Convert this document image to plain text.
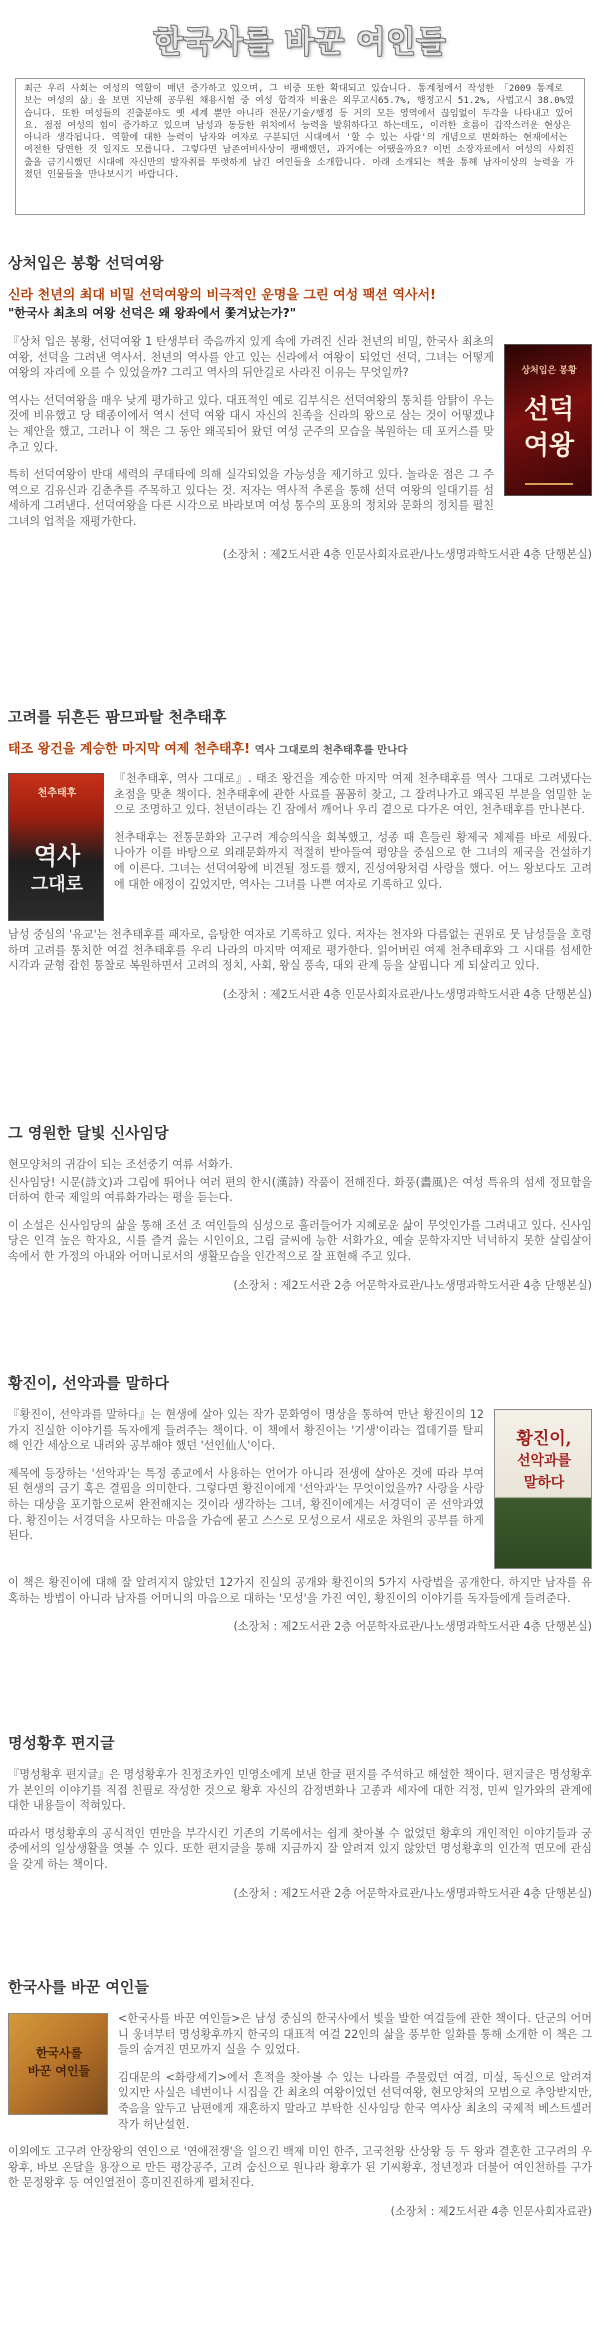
한국사를 바꾼 여인들
최근 우리 사회는 여성의 역할이 매년 증가하고 있으며, 그 비중 또한 확대되고 있습니다. 통계청에서 작성한 「2009 통계로 보는 여성의 삶」을 보면 지난해 공무원 채용시험 중 여성 합격자 비율은 외무고시65.7%, 행정고시 51.2%, 사법고시 38.0%였습니다. 또한 여성들의 진출분야도 옛 세계 뿐만 아니라 전문/기술/행정 등 거의 모든 영역에서 끊임없이 두각을 나타내고 있어요. 점점 여성의 힘이 증가하고 있으며 남성과 동등한 위치에서 능력을 발휘하다고 하는데도, 이러한 흐름이 갑작스러운 현상은 아니라 생각됩니다. 역할에 대한 능력이 남자와 여자로 구분되던 시대에서 '할 수 있는 사람'의 개념으로 변화하는 현재에서는 여전한 당연한 것 일지도 모릅니다. 그렇다면 남존여비사상이 팽배했던, 과거에는 어땠을까요? 이번 소장자료에서 여성의 사회진출을 금기시했던 시대에 자신만의 발자취를 뚜렷하게 남긴 여인들을 소개합니다. 아래 소개되는 책을 통해 남자이상의 능력을 가졌던 인물들을 만나보시기 바랍니다.
상처입은 봉황 선덕여왕
신라 천년의 최대 비밀 선덕여왕의 비극적인 운명을 그린 여성 팩션 역사서!
"한국사 최초의 여왕 선덕은 왜 왕좌에서 쫓겨났는가?"
상처입은 봉황
선덕
여왕

『상처 입은 봉황, 선덕여왕 1 탄생부터 죽음까지 있게 속에 가려진 신라 천년의 비밀, 한국사 최초의 여왕, 선덕을 그려낸 역사서. 천년의 역사를 안고 있는 신라에서 여왕이 되었던 선덕, 그녀는 어떻게 여왕의 자리에 오를 수 있었을까? 그리고 역사의 뒤안길로 사라진 이유는 무엇일까?

역사는 선덕여왕을 매우 낮게 평가하고 있다. 대표적인 예로 김부식은 선덕여왕의 통치를 암탉이 우는 것에 비유했고 당 태종이에서 역시 선덕 여왕 대시 자신의 친족을 신라의 왕으로 삼는 것이 어떻겠냐는 제안을 했고, 그러나 이 책은 그 동안 왜곡되어 왔던 여성 군주의 모습을 복원하는 데 포커스를 맞추고 있다.

특히 선덕여왕이 반대 세력의 쿠데타에 의해 실각되었을 가능성을 제기하고 있다. 놀라운 점은 그 주역으로 김유신과 김춘추를 주목하고 있다는 것. 저자는 역사적 추론을 통해 선덕 여왕의 일대기를 섬세하게 그려낸다. 선덕여왕을 다른 시각으로 바라보며 여성 통수의 포용의 정치와 문화의 정치를 펼친 그녀의 업적을 재평가한다.

(소장처 : 제2도서관 4층 인문사회자료관/나노생명과학도서관 4층 단행본실)
고려를 뒤흔든 팜므파탈 천추태후
태조 왕건을 계승한 마지막 여제 천추태후! 역사 그대로의 천추태후를 만나다
천추태후
역사
그대로

『천추태후, 역사 그대로』. 태조 왕건을 계승한 마지막 여제 천추태후를 역사 그대로 그려냈다는 초점을 맞춘 책이다. 천추태후에 관한 사료를 꼼꼼히 찾고, 그 잘려나가고 왜곡된 부분을 엄밀한 눈으로 조명하고 있다. 천년이라는 긴 잠에서 깨어나 우리 곁으로 다가온 여인, 천추태후를 만나본다.

천추태후는 전통문화와 고구려 계승의식을 회복했고, 성종 때 흔들린 황제국 체제를 바로 세웠다. 나아가 이를 바탕으로 외래문화까지 적절히 받아들여 평양을 중심으로 한 그녀의 제국을 건설하기에 이른다. 그녀는 선덕여왕에 비견될 정도를 했지, 진성여왕처럼 사랑을 했다. 어느 왕보다도 고려에 대한 애정이 깊었지만, 역사는 그녀를 나쁜 여자로 기록하고 있다.

남성 중심의 '유교'는 천추태후를 패자로, 음탕한 여자로 기록하고 있다. 저자는 천자와 다름없는 권위로 뭇 남성들을 호령하며 고려를 통치한 여걸 천추태후를 우리 나라의 마지막 여제로 평가한다. 읽어버린 여제 천추태후와 그 시대를 섬세한 시각과 균형 잡힌 통찰로 복원하면서 고려의 정치, 사회, 왕실 풍속, 대외 관계 등을 살핍니다 게 되살리고 있다.

(소장처 : 제2도서관 4층 인문사회자료관/나노생명과학도서관 4층 단행본실)
그 영원한 달빛 신사임당

현모양처의 귀감이 되는 조선중기 여류 서화가.

신사임당! 시문(詩文)과 그림에 뛰어나 여러 편의 한시(漢詩) 작품이 전해진다. 화풍(畵風)은 여성 특유의 섬세 정묘함을 더하여 한국 제일의 여류화가라는 평을 듣는다.

이 소설은 신사임당의 삶을 통해 조선 조 여인들의 심성으로 흘러들어가 지혜로운 삶이 무엇인가를 그려내고 있다. 신사임당은 인격 높은 학자요, 시를 즐겨 읊는 시인이요, 그림 글씨에 능한 서화가요, 예술 문학자지만 넉넉하지 못한 살림살이 속에서 한 가정의 아내와 어머니로서의 생활모습을 인간적으로 잘 표현해 주고 있다.

(소장처 : 제2도서관 2층 어문학자료관/나노생명과학도서관 4층 단행본실)
황진이, 선악과를 말하다
황진이,
선악과를
말하다

『황진이, 선악과를 말하다』는 현생에 살아 있는 작가 문화영이 명상을 통하여 만난 황진이의 12가지 진실한 이야기를 독자에게 들려주는 책이다. 이 책에서 황진이는 '기생'이라는 껍데기를 탈피해 인간 세상으로 내려와 공부해야 했던 '선인仙人'이다.

제목에 등장하는 '선악과'는 특정 종교에서 사용하는 언어가 아니라 전생에 살아온 것에 따라 부여된 현생의 금기 혹은 결핍을 의미한다. 그렇다면 황진이에게 '선악과'는 무엇이었을까? 사랑을 사랑하는 대상을 포기함으로써 완전해지는 것이라 생각하는 그녀, 황진이에게는 서경덕이 곧 선악과였다. 황진이는 서경덕을 사모하는 마음을 가슴에 묻고 스스로 모성으로서 새로운 차원의 공부를 하게 된다.

이 책은 황진이에 대해 잘 알려지지 않았던 12가지 진실의 공개와 황진이의 5가지 사랑법을 공개한다. 하지만 남자를 유혹하는 방법이 아니라 남자를 어머니의 마음으로 대하는 '모성'을 가진 여인, 황진이의 이야기를 독자들에게 들려준다.

(소장처 : 제2도서관 2층 어문학자료관/나노생명과학도서관 4층 단행본실)
명성황후 편지글

『명성황후 편지글』은 명성황후가 친정조카인 민영소에게 보낸 한글 편지를 주석하고 해설한 책이다. 편지글은 명성황후가 본인의 이야기를 직접 친필로 작성한 것으로 황후 자신의 감정변화나 고종과 세자에 대한 걱정, 민씨 일가와의 관계에 대한 내용들이 적혀있다.

따라서 명성황후의 공식적인 면만을 부각시킨 기존의 기록에서는 쉽게 찾아볼 수 없었던 황후의 개인적인 이야기들과 궁중에서의 일상생활을 엿볼 수 있다. 또한 편지글을 통해 지금까지 잘 알려져 있지 않았던 명성황후의 인간적 면모에 관심을 갖게 하는 책이다.

(소장처 : 제2도서관 2층 어문학자료관/나노생명과학도서관 4층 단행본실)
한국사를 바꾼 여인들
한국사를
바꾼 여인들

<한국사를 바꾼 여인들>은 남성 중심의 한국사에서 빛을 발한 여걸들에 관한 책이다. 단군의 어머니 웅녀부터 명성황후까지 한국의 대표적 여걸 22인의 삶을 풍부한 일화를 통해 소개한 이 책은 그들의 숨겨진 면모까지 실을 수 있었다.

김대문의 <화랑세기>에서 흔적을 찾아볼 수 있는 나라를 주물렀던 여걸, 미실, 독신으로 알려져 있지만 사실은 네번이나 시집을 간 최초의 여왕이었던 선덕여왕, 현모양처의 모범으로 추앙받지만, 죽음을 앞두고 남편에게 재혼하지 말라고 부탁한 신사임당 한국 역사상 최초의 국제적 베스트셀러 작가 허난설헌.

이외에도 고구려 안장왕의 연인으로 '연애전쟁'을 일으킨 백제 미인 한주, 고국천왕 산상왕 등 두 왕과 결혼한 고구려의 우왕후, 바보 온달을 용장으로 만든 평강공주, 고려 숨신으로 원나라 황후가 된 기씨황후, 정년정과 더불어 여인천하를 구가한 문정왕후 등 여인열전이 흥미진진하게 펼쳐진다.

(소장처 : 제2도서관 4층 인문사회자료관)
